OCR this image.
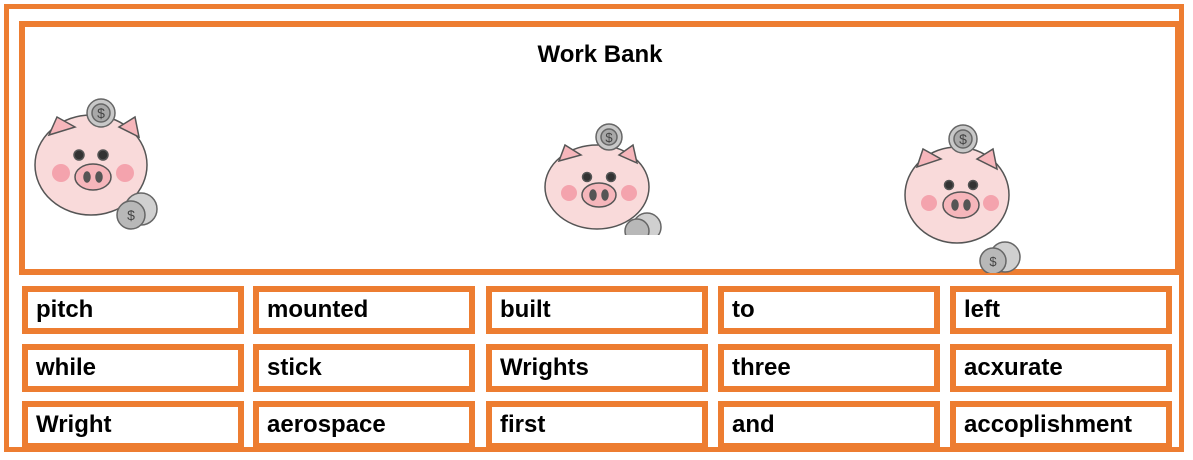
Work Bank
$
$
$	$
$
pitch	mounted	built	to	left
while	stick	Wrights	three	acxurate
Wright	aerospace	first	and	accoplishment
